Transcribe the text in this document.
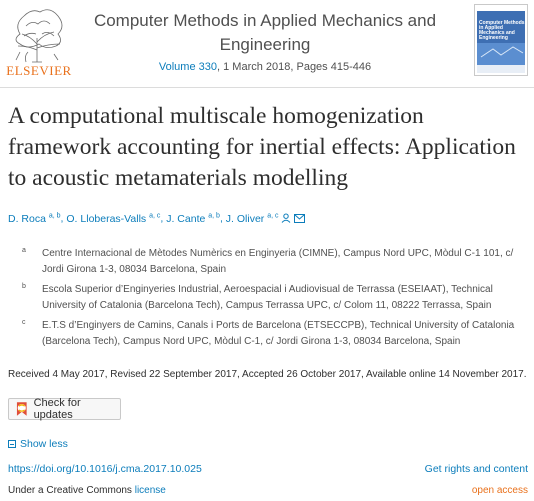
ELSEVIER
Computer Methods in Applied Mechanics and Engineering
Volume 330, 1 March 2018, Pages 415-446
Computer Methods in Applied Mechanics and Engineering
A computational multiscale homogenization framework accounting for inertial effects: Application to acoustic metamaterials modelling
D. Roca $^{a, b}$, O. Lloberas-Valls $^{a, c}$, J. Cante $^{a, b}$, J. Oliver $^{a, c}$
a Centre Internacional de Mètodes Numèrics en Enginyeria (CIMNE), Campus Nord UPC, Mòdul C-1 101, c/ Jordi Girona 1-3, 08034 Barcelona, Spain
b Escola Superior d’Enginyeries Industrial, Aeroespacial i Audiovisual de Terrassa (ESEIAAT), Technical University of Catalonia (Barcelona Tech), Campus Terrassa UPC, c/ Colom 11, 08222 Terrassa, Spain
c E.T.S d’Enginyers de Camins, Canals i Ports de Barcelona (ETSECCPB), Technical University of Catalonia (Barcelona Tech), Campus Nord UPC, Mòdul C-1, c/ Jordi Girona 1-3, 08034 Barcelona, Spain
Received 4 May 2017, Revised 22 September 2017, Accepted 26 October 2017, Available online 14 November 2017.
Check for updates
Show less
https://doi.org/10.1016/j.cma.2017.10.025	Get rights and content
Under a Creative Commons license	open access
